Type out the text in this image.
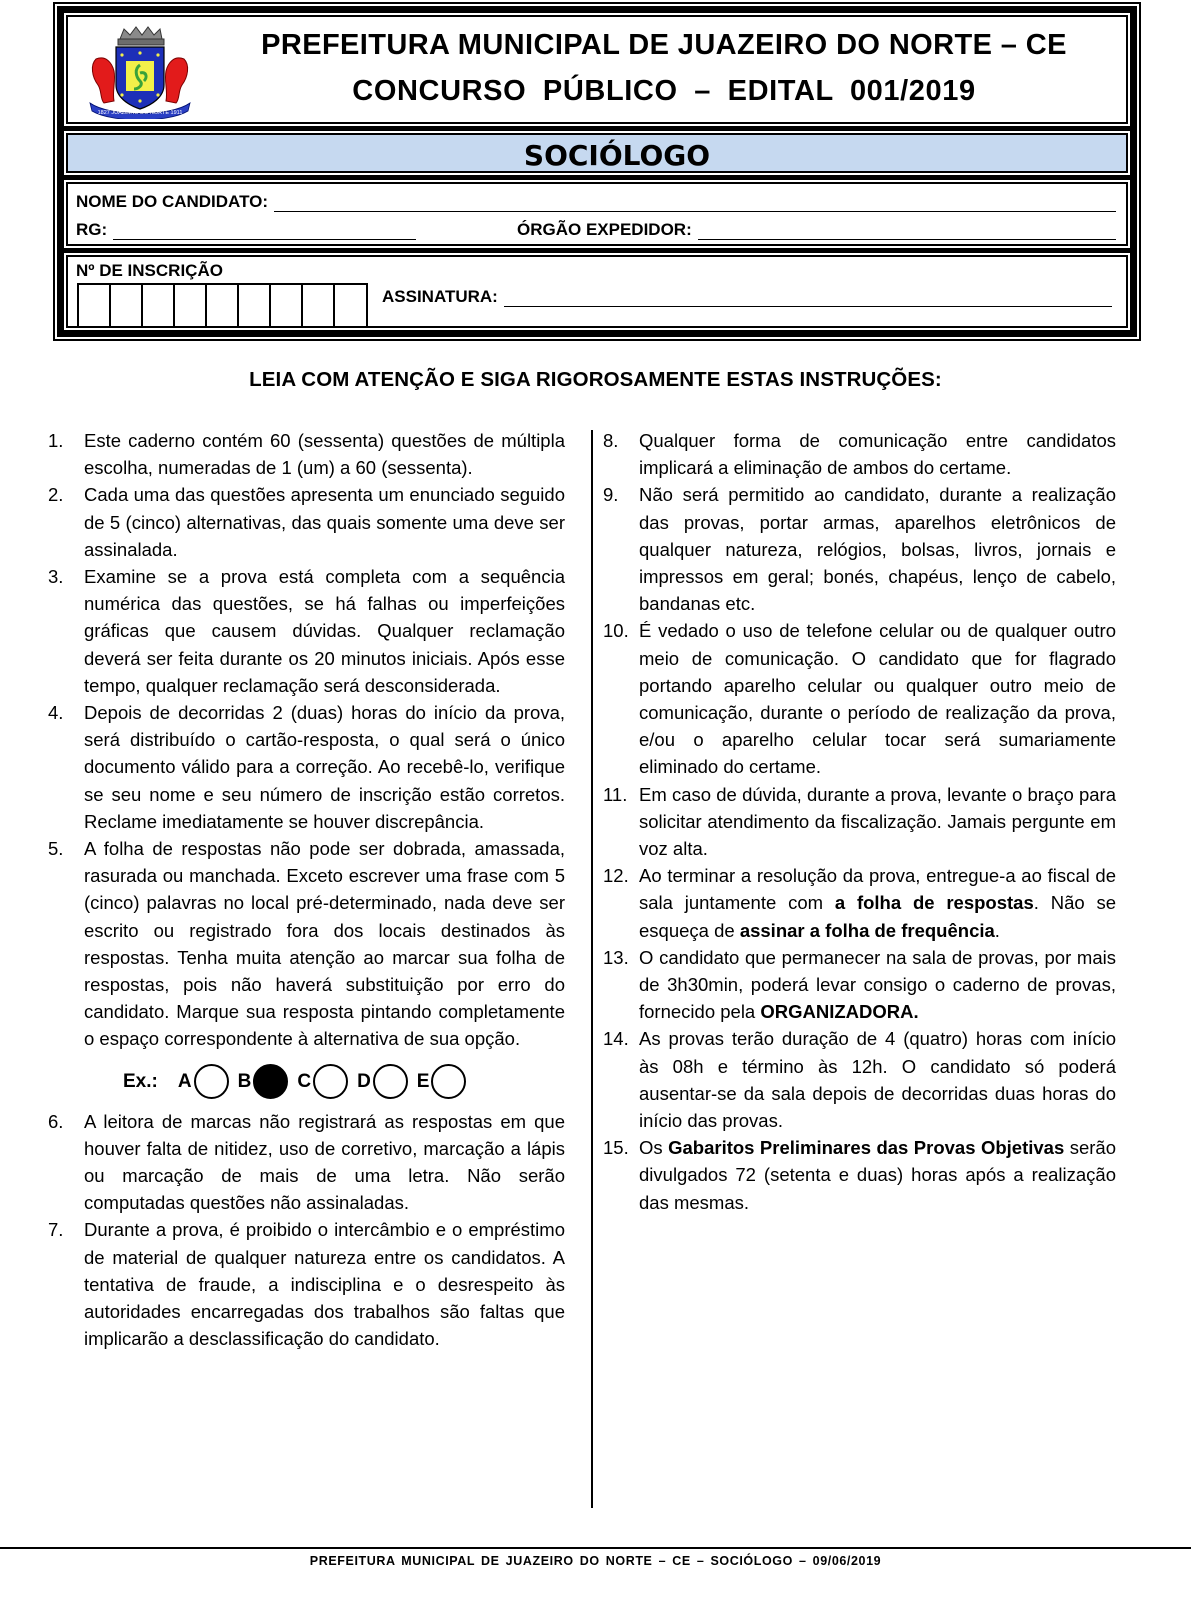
1827 JUAZEIRO DO NORTE 1911
PREFEITURA MUNICIPAL DE JUAZEIRO DO NORTE – CE
CONCURSO PÚBLICO – EDITAL 001/2019
SOCIÓLOGO
NOME DO CANDIDATO:
RG:	ÓRGÃO EXPEDIDOR:
Nº DE INSCRIÇÃO
ASSINATURA:
LEIA COM ATENÇÃO E SIGA RIGOROSAMENTE ESTAS INSTRUÇÕES:
1.	Este caderno contém 60 (sessenta) questões de múltipla escolha, numeradas de 1 (um) a 60 (sessenta).
2.	Cada uma das questões apresenta um enunciado seguido de 5 (cinco) alternativas, das quais somente uma deve ser assinalada.
3.	Examine se a prova está completa com a sequência numérica das questões, se há falhas ou imperfeições gráficas que causem dúvidas. Qualquer reclamação deverá ser feita durante os 20 minutos iniciais. Após esse tempo, qualquer reclamação será desconsiderada.
4.	Depois de decorridas 2 (duas) horas do início da prova, será distribuído o cartão-resposta, o qual será o único documento válido para a correção. Ao recebê-lo, verifique se seu nome e seu número de inscrição estão corretos. Reclame imediatamente se houver discrepância.
5.	A folha de respostas não pode ser dobrada, amassada, rasurada ou manchada. Exceto escrever uma frase com 5 (cinco) palavras no local pré-determinado, nada deve ser escrito ou registrado fora dos locais destinados às respostas. Tenha muita atenção ao marcar sua folha de respostas, pois não haverá substituição por erro do candidato. Marque sua resposta pintando completamente o espaço correspondente à alternativa de sua opção.
Ex.: A B C D E
6.	A leitora de marcas não registrará as respostas em que houver falta de nitidez, uso de corretivo, marcação a lápis ou marcação de mais de uma letra. Não serão computadas questões não assinaladas.
7.	Durante a prova, é proibido o intercâmbio e o empréstimo de material de qualquer natureza entre os candidatos. A tentativa de fraude, a indisciplina e o desrespeito às autoridades encarregadas dos trabalhos são faltas que implicarão a desclassificação do candidato.
8.	Qualquer forma de comunicação entre candidatos implicará a eliminação de ambos do certame.
9.	Não será permitido ao candidato, durante a realização das provas, portar armas, aparelhos eletrônicos de qualquer natureza, relógios, bolsas, livros, jornais e impressos em geral; bonés, chapéus, lenço de cabelo, bandanas etc.
10. É vedado o uso de telefone celular ou de qualquer outro meio de comunicação. O candidato que for flagrado portando aparelho celular ou qualquer outro meio de comunicação, durante o período de realização da prova, e/ou o aparelho celular tocar será sumariamente eliminado do certame.
11. Em caso de dúvida, durante a prova, levante o braço para solicitar atendimento da fiscalização. Jamais pergunte em voz alta.
12. Ao terminar a resolução da prova, entregue-a ao fiscal de sala juntamente com a folha de respostas. Não se esqueça de assinar a folha de frequência.
13. O candidato que permanecer na sala de provas, por mais de 3h30min, poderá levar consigo o caderno de provas, fornecido pela ORGANIZADORA.
14. As provas terão duração de 4 (quatro) horas com início às 08h e término às 12h. O candidato só poderá ausentar-se da sala depois de decorridas duas horas do início das provas.
15. Os Gabaritos Preliminares das Provas Objetivas serão divulgados 72 (setenta e duas) horas após a realização das mesmas.
PREFEITURA MUNICIPAL DE JUAZEIRO DO NORTE – CE – SOCIÓLOGO – 09/06/2019
